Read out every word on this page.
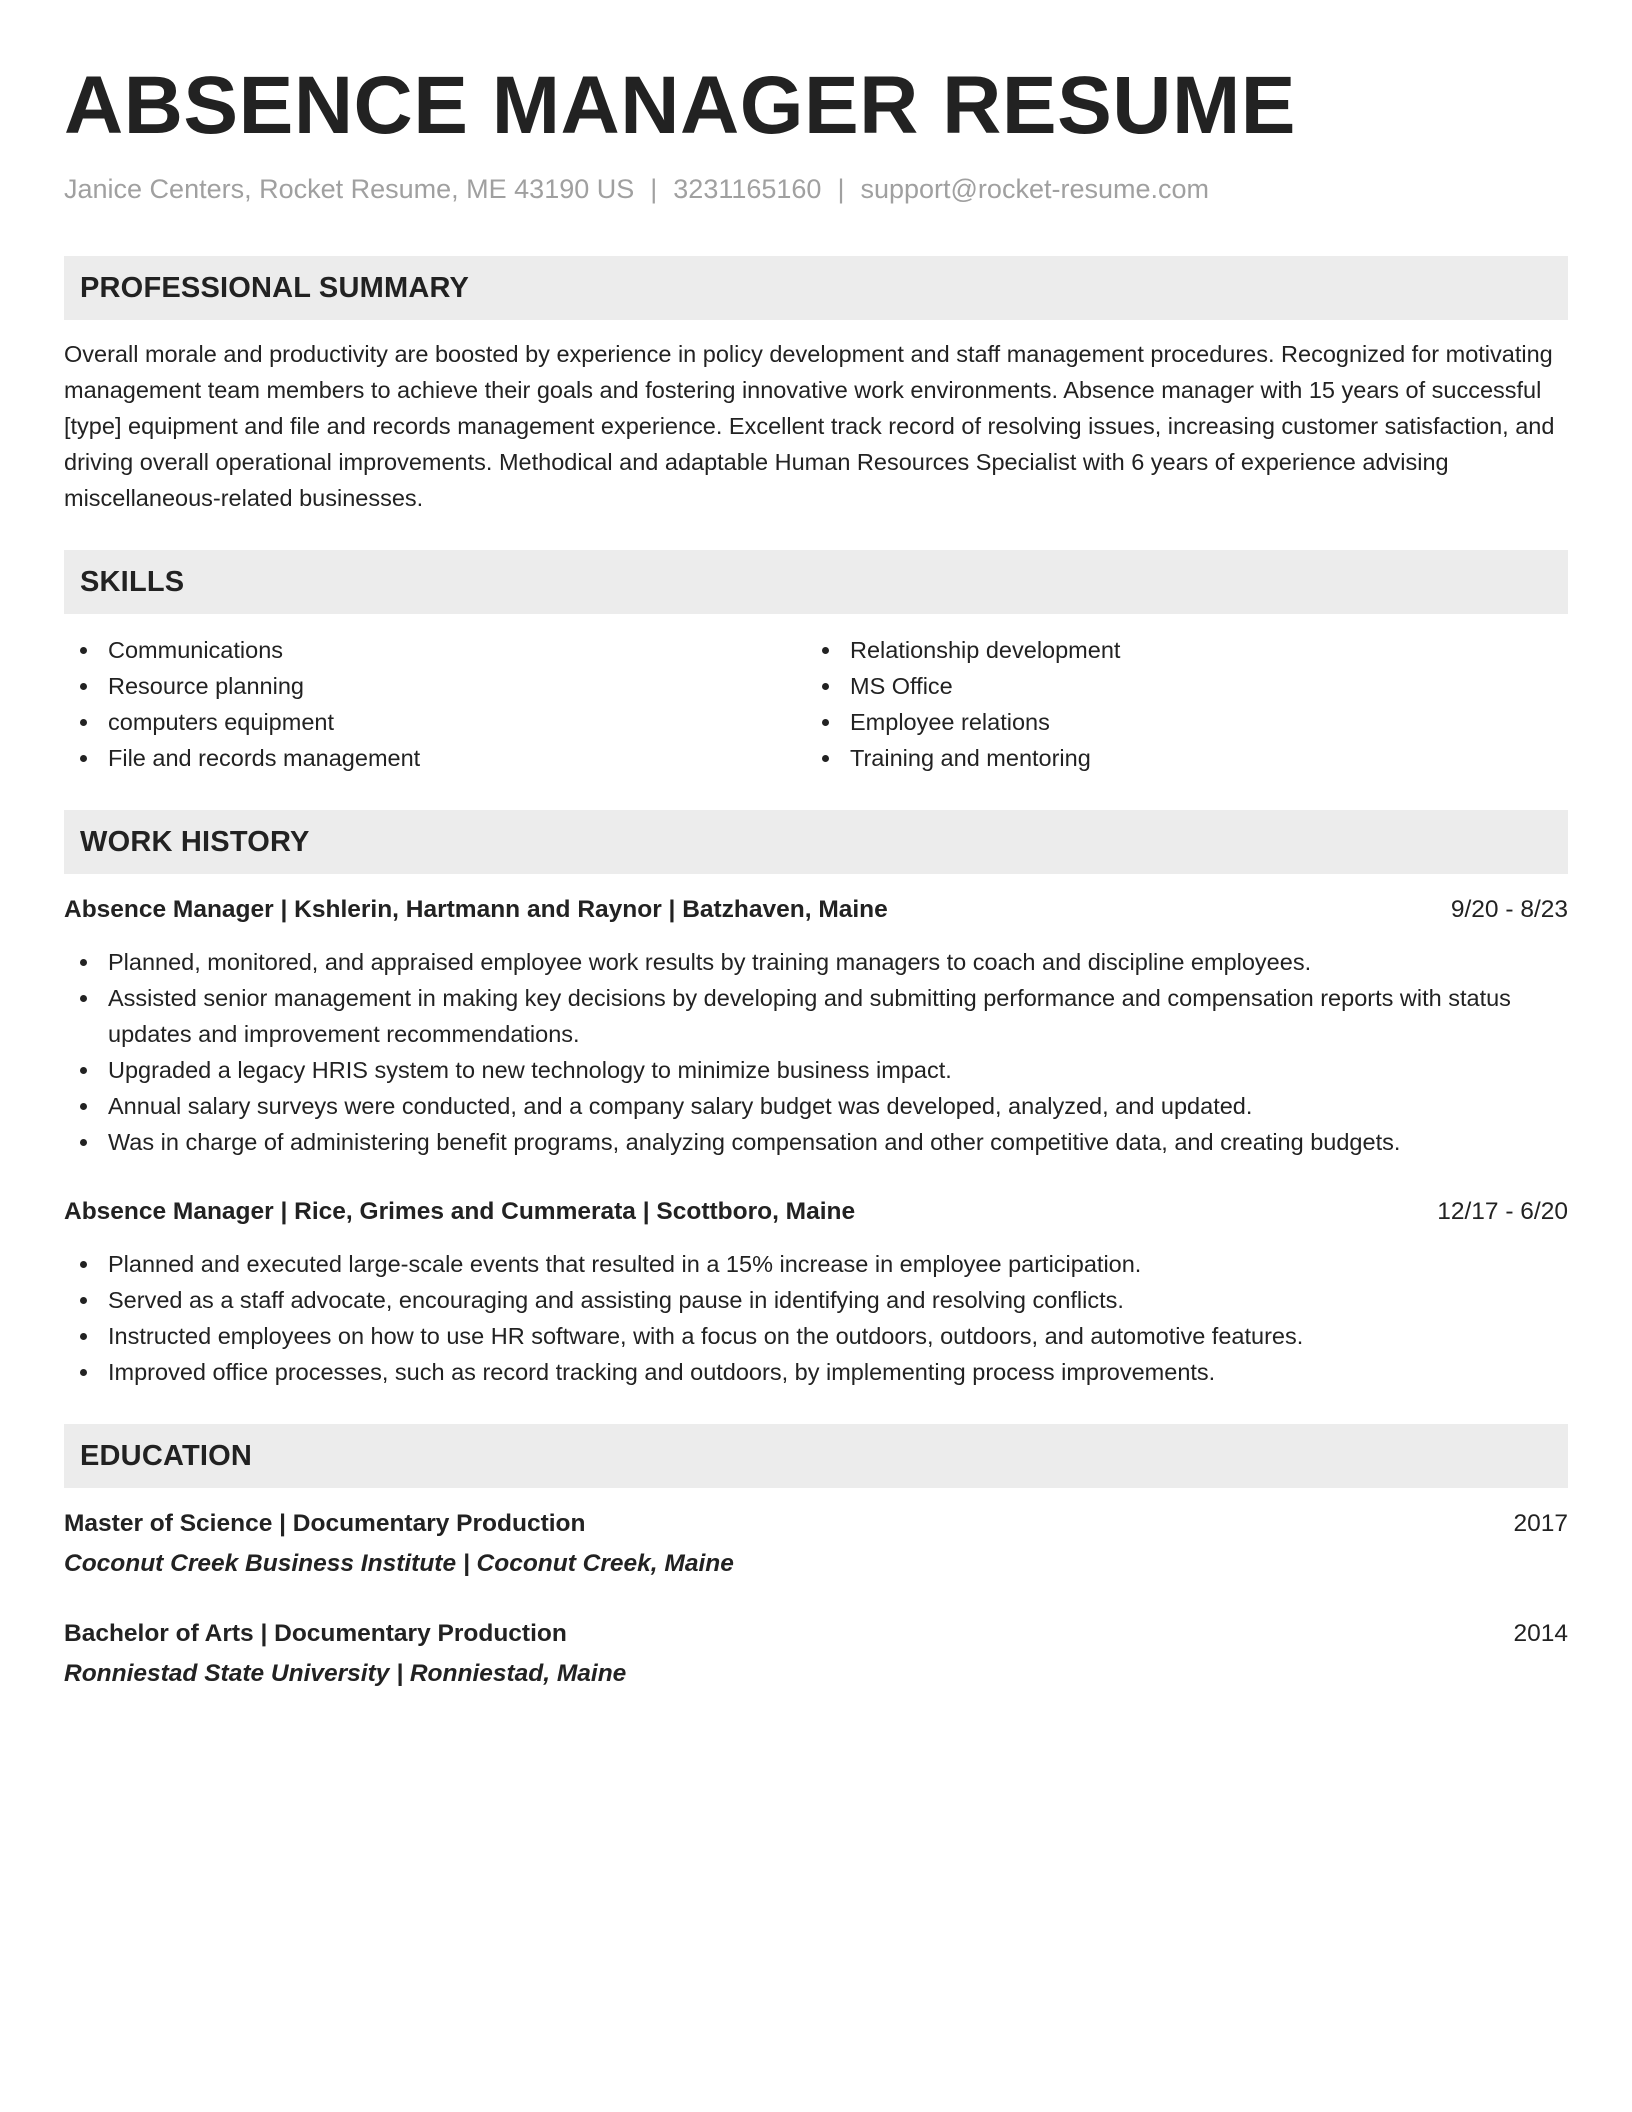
ABSENCE MANAGER RESUME
Janice Centers, Rocket Resume, ME 43190 US | 3231165160 | support@rocket-resume.com
PROFESSIONAL SUMMARY

Overall morale and productivity are boosted by experience in policy development and staff management procedures. Recognized for motivating management team members to achieve their goals and fostering innovative work environments. Absence manager with 15 years of successful [type] equipment and file and records management experience. Excellent track record of resolving issues, increasing customer satisfaction, and driving overall operational improvements. Methodical and adaptable Human Resources Specialist with 6 years of experience advising miscellaneous-related businesses.

SKILLS
Communications
Resource planning
computers equipment
File and records management
Relationship development
MS Office
Employee relations
Training and mentoring
WORK HISTORY
Absence Manager | Kshlerin, Hartmann and Raynor | Batzhaven, Maine	9/20 - 8/23
Planned, monitored, and appraised employee work results by training managers to coach and discipline employees.
Assisted senior management in making key decisions by developing and submitting performance and compensation reports with status updates and improvement recommendations.
Upgraded a legacy HRIS system to new technology to minimize business impact.
Annual salary surveys were conducted, and a company salary budget was developed, analyzed, and updated.
Was in charge of administering benefit programs, analyzing compensation and other competitive data, and creating budgets.
Absence Manager | Rice, Grimes and Cummerata | Scottboro, Maine	12/17 - 6/20
Planned and executed large-scale events that resulted in a 15% increase in employee participation.
Served as a staff advocate, encouraging and assisting pause in identifying and resolving conflicts.
Instructed employees on how to use HR software, with a focus on the outdoors, outdoors, and automotive features.
Improved office processes, such as record tracking and outdoors, by implementing process improvements.
EDUCATION
Master of Science | Documentary Production	2017
Coconut Creek Business Institute | Coconut Creek, Maine
Bachelor of Arts | Documentary Production	2014
Ronniestad State University | Ronniestad, Maine
